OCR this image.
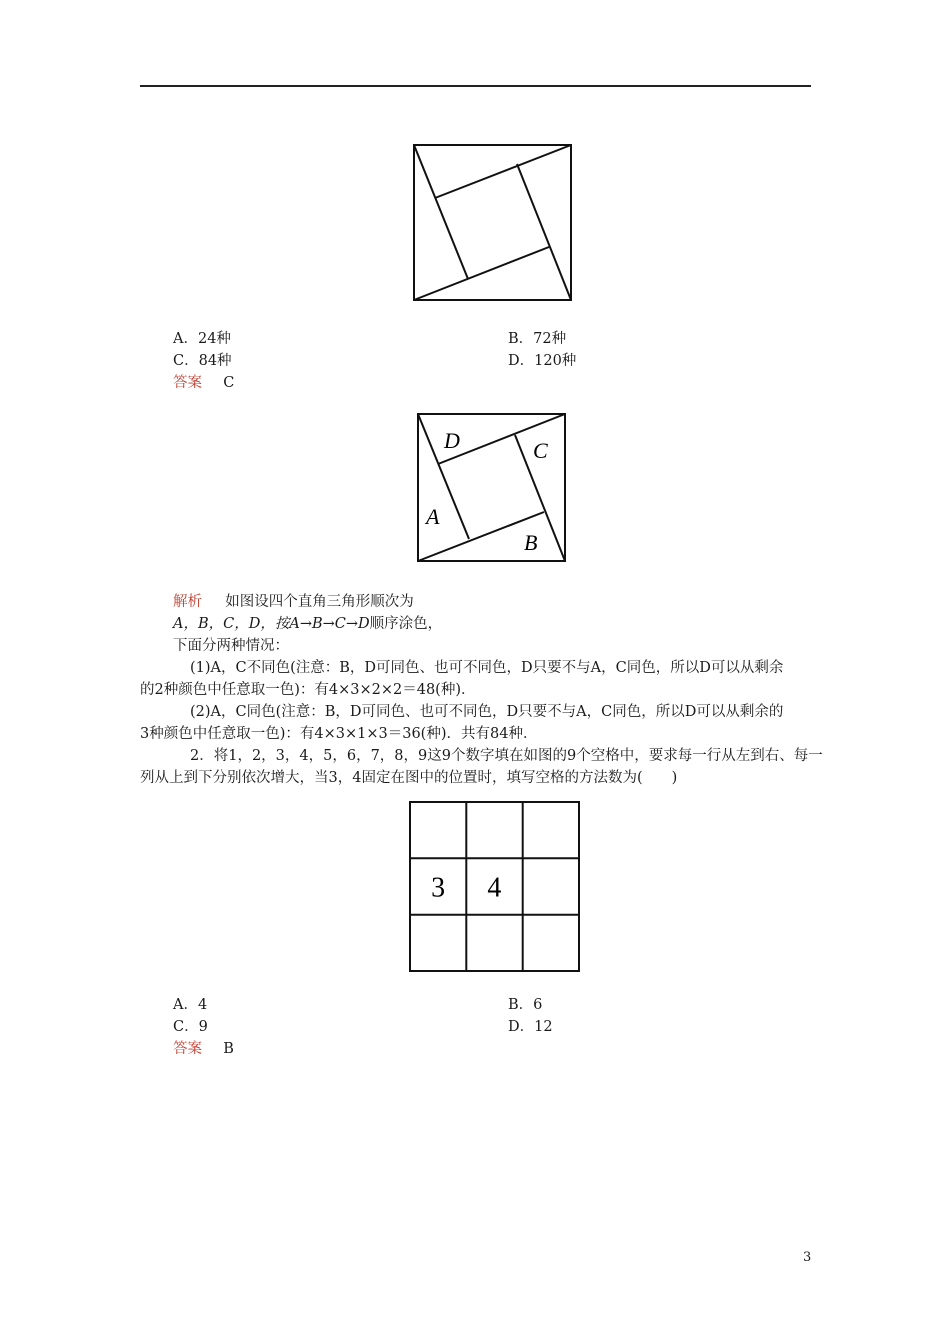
A．24种	B．72种
C．84种	D．120种
答案 C
D	C
A
B
解析 如图设四个直角三角形顺次为
A，B，C，D，按A→B→C→D顺序涂色，
下面分两种情况：
(1)A，C不同色(注意：B，D可同色、也可不同色，D只要不与A，C同色，所以D可以从剩余
的2种颜色中任意取一色)：有4×3×2×2＝48(种)．
(2)A，C同色(注意：B，D可同色、也可不同色，D只要不与A，C同色，所以D可以从剩余的
3种颜色中任意取一色)：有4×3×1×3＝36(种)．共有84种．
2．将1，2，3，4，5，6，7，8，9这9个数字填在如图的9个空格中，要求每一行从左到右、每一
列从上到下分别依次增大，当3，4固定在图中的位置时，填写空格的方法数为(　　)
3 4
A．4	B．6
C．9	D．12
答案 B
3
